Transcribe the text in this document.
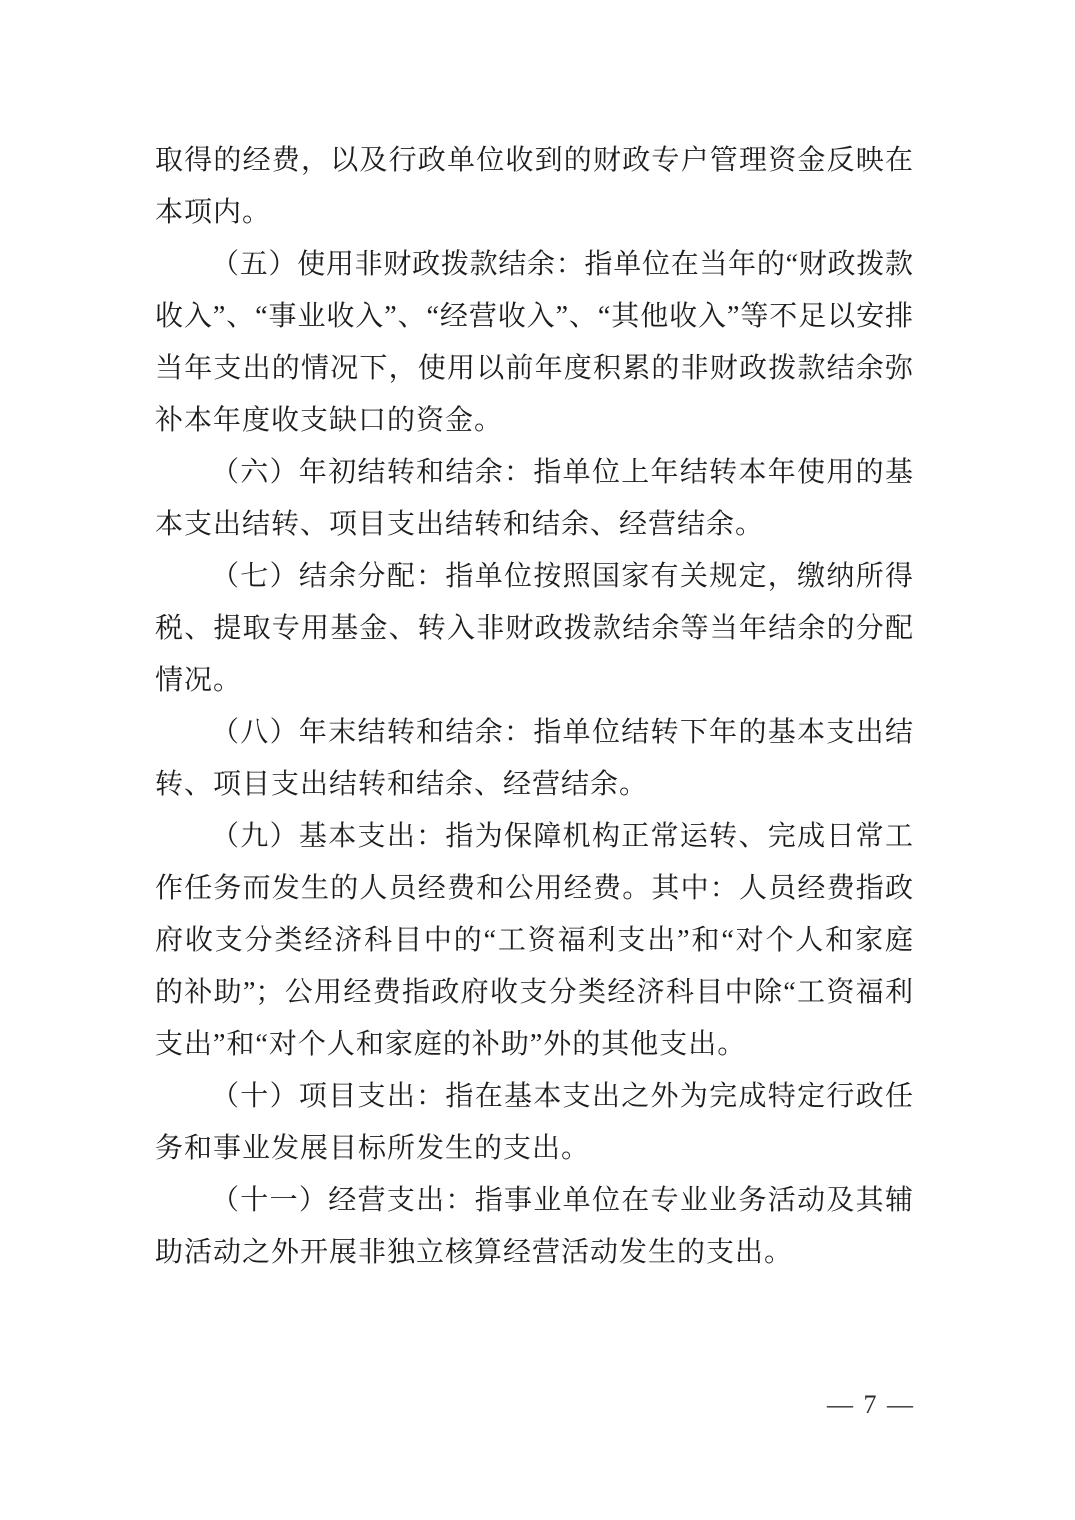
取得的经费，以及行政单位收到的财政专户管理资金反映在
本项内。

（五）使用非财政拨款结余：指单位在当年的“财政拨款
收入”、“事业收入”、“经营收入”、“其他收入”等不足以安排
当年支出的情况下，使用以前年度积累的非财政拨款结余弥
补本年度收支缺口的资金。

（六）年初结转和结余：指单位上年结转本年使用的基
本支出结转、项目支出结转和结余、经营结余。

（七）结余分配：指单位按照国家有关规定，缴纳所得
税、提取专用基金、转入非财政拨款结余等当年结余的分配
情况。

（八）年末结转和结余：指单位结转下年的基本支出结
转、项目支出结转和结余、经营结余。

（九）基本支出：指为保障机构正常运转、完成日常工
作任务而发生的人员经费和公用经费。其中：人员经费指政
府收支分类经济科目中的“工资福利支出”和“对个人和家庭
的补助”；公用经费指政府收支分类经济科目中除“工资福利
支出”和“对个人和家庭的补助”外的其他支出。

（十）项目支出：指在基本支出之外为完成特定行政任
务和事业发展目标所发生的支出。

（十一）经营支出：指事业单位在专业业务活动及其辅
助活动之外开展非独立核算经营活动发生的支出。

— 7 —
